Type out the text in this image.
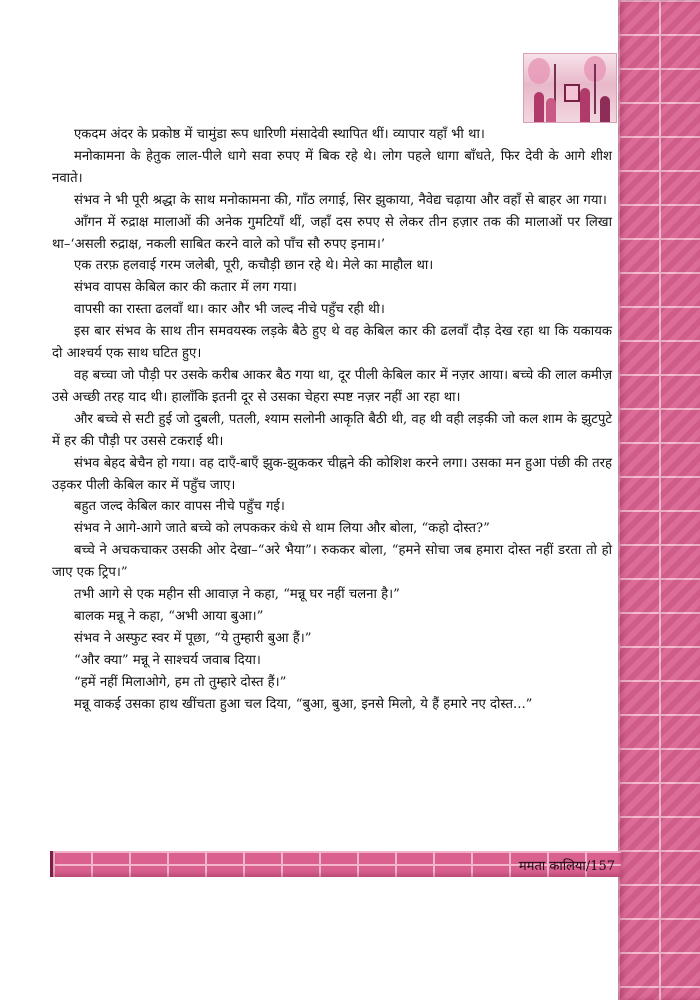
एकदम अंदर के प्रकोष्ठ में चामुंडा रूप धारिणी मंसादेवी स्थापित थीं। व्यापार यहाँ भी था।

मनोकामना के हेतुक लाल-पीले धागे सवा रुपए में बिक रहे थे। लोग पहले धागा बाँधते, फिर देवी के आगे शीश नवाते।

संभव ने भी पूरी श्रद्धा के साथ मनोकामना की, गाँठ लगाई, सिर झुकाया, नैवेद्य चढ़ाया और वहाँ से बाहर आ गया।

आँगन में रुद्राक्ष मालाओं की अनेक गुमटियाँ थीं, जहाँ दस रुपए से लेकर तीन हज़ार तक की मालाओं पर लिखा था–‘असली रुद्राक्ष, नकली साबित करने वाले को पाँच सौ रुपए इनाम।’

एक तरफ़ हलवाई गरम जलेबी, पूरी, कचौड़ी छान रहे थे। मेले का माहौल था।

संभव वापस केबिल कार की कतार में लग गया।

वापसी का रास्ता ढलवाँ था। कार और भी जल्द नीचे पहुँच रही थी।

इस बार संभव के साथ तीन समवयस्क लड़के बैठे हुए थे वह केबिल कार की ढलवाँ दौड़ देख रहा था कि यकायक दो आश्चर्य एक साथ घटित हुए।

वह बच्चा जो पौड़ी पर उसके करीब आकर बैठ गया था, दूर पीली केबिल कार में नज़र आया। बच्चे की लाल कमीज़ उसे अच्छी तरह याद थी। हालाँकि इतनी दूर से उसका चेहरा स्पष्ट नज़र नहीं आ रहा था।

और बच्चे से सटी हुई जो दुबली, पतली, श्याम सलोनी आकृति बैठी थी, वह थी वही लड़की जो कल शाम के झुटपुटे में हर की पौड़ी पर उससे टकराई थी।

संभव बेहद बेचैन हो गया। वह दाएँ-बाएँ झुक-झुककर चीह्नने की कोशिश करने लगा। उसका मन हुआ पंछी की तरह उड़कर पीली केबिल कार में पहुँच जाए।

बहुत जल्द केबिल कार वापस नीचे पहुँच गई।

संभव ने आगे-आगे जाते बच्चे को लपककर कंधे से थाम लिया और बोला, “कहो दोस्त?”

बच्चे ने अचकचाकर उसकी ओर देखा–“अरे भैया”। रुककर बोला, “हमने सोचा जब हमारा दोस्त नहीं डरता तो हो जाए एक ट्रिप।”

तभी आगे से एक महीन सी आवाज़ ने कहा, “मन्नू घर नहीं चलना है।”

बालक मन्नू ने कहा, “अभी आया बुआ।”

संभव ने अस्फुट स्वर में पूछा, “ये तुम्हारी बुआ हैं।”

“और क्या” मन्नू ने साश्चर्य जवाब दिया।

“हमें नहीं मिलाओगे, हम तो तुम्हारे दोस्त हैं।”

मन्नू वाकई उसका हाथ खींचता हुआ चल दिया, “बुआ, बुआ, इनसे मिलो, ये हैं हमारे नए दोस्त...”

ममता कालिया/157
